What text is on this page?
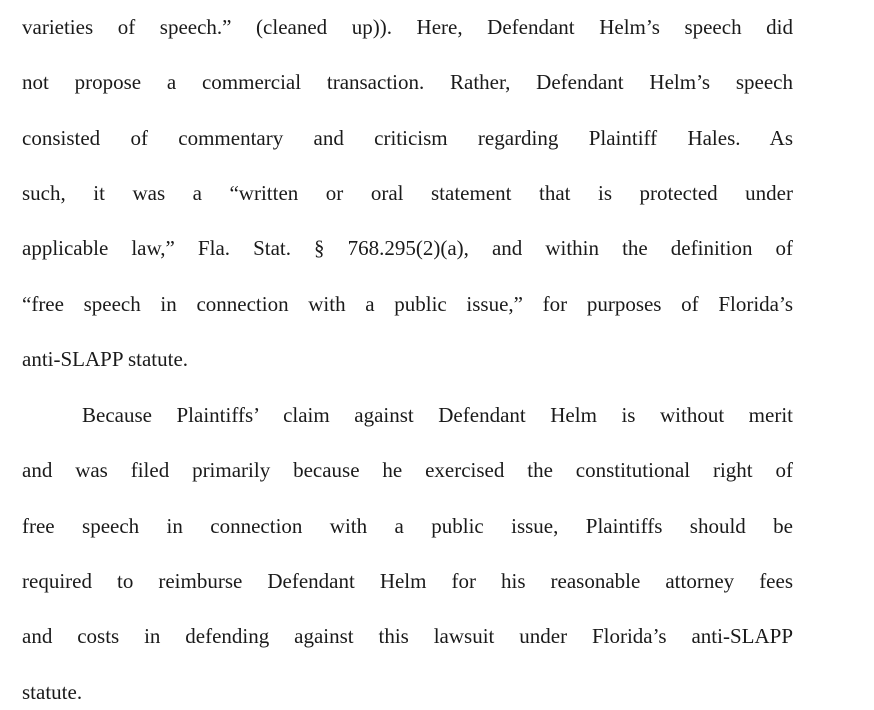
varieties of speech.” (cleaned up)). Here, Defendant Helm’s speech did

not propose a commercial transaction. Rather, Defendant Helm’s speech

consisted of commentary and criticism regarding Plaintiff Hales. As

such, it was a “written or oral statement that is protected under

applicable law,” Fla. Stat. § 768.295(2)(a), and within the definition of

“free speech in connection with a public issue,” for purposes of Florida’s

anti-SLAPP statute.

Because Plaintiffs’ claim against Defendant Helm is without merit

and was filed primarily because he exercised the constitutional right of

free speech in connection with a public issue, Plaintiffs should be

required to reimburse Defendant Helm for his reasonable attorney fees

and costs in defending against this lawsuit under Florida’s anti-SLAPP

statute.
